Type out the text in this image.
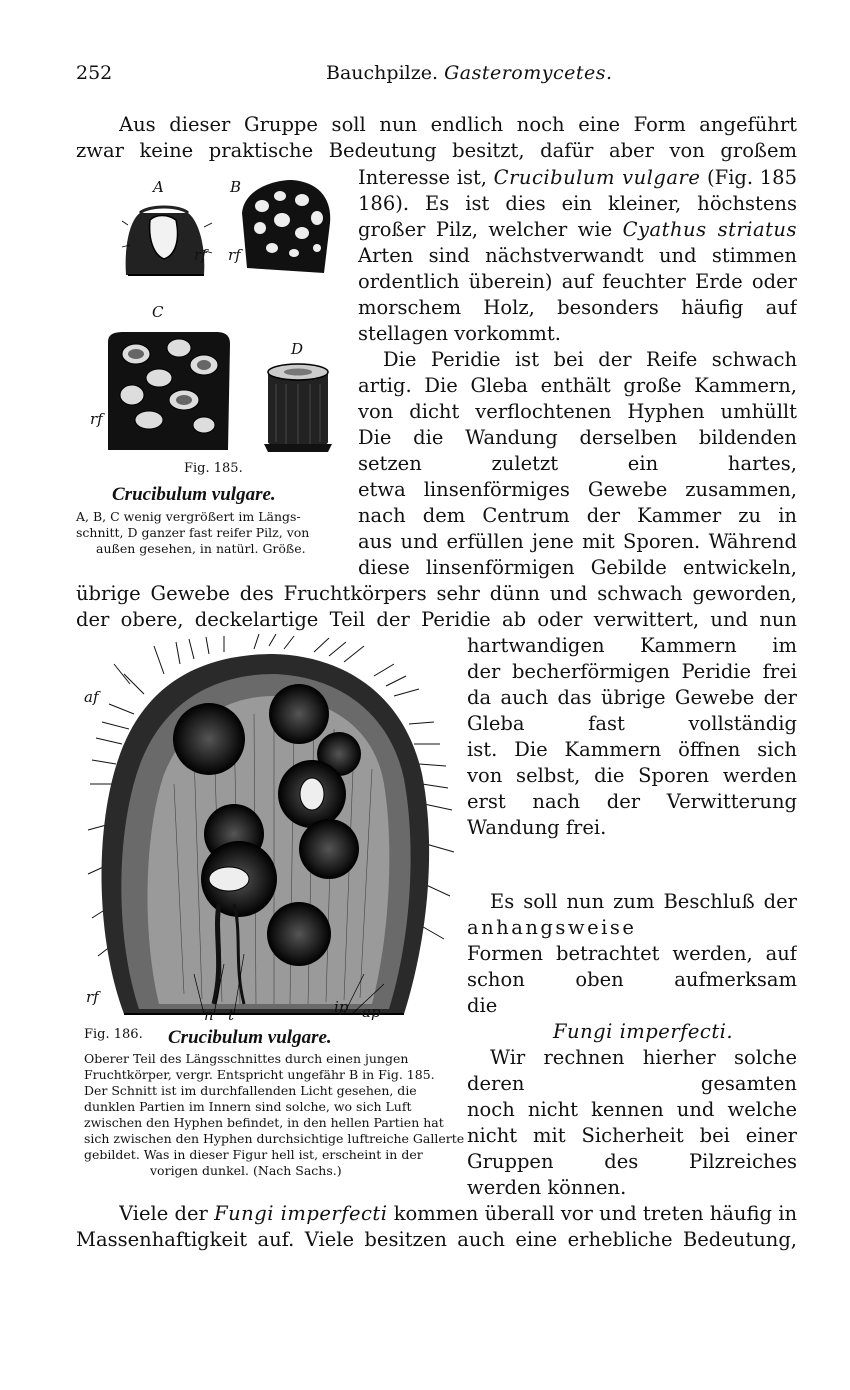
252	Bauchpilze. Gasteromycetes.
Aus dieser Gruppe soll nun endlich noch eine Form angeführt
zwar keine praktische Bedeutung besitzt, dafür aber von großem
Interesse ist, Crucibulum vulgare (Fig. 185
186). Es ist dies ein kleiner, höchstens
großer Pilz, welcher wie Cyathus striatus
Arten sind nächstverwandt und stimmen
ordentlich überein) auf feuchter Erde oder
morschem Holz, besonders häufig auf
stellagen vorkommt.
Die Peridie ist bei der Reife schwach
artig. Die Gleba enthält große Kammern,
von dicht verflochtenen Hyphen umhüllt
Die die Wandung derselben bildenden
setzen zuletzt ein hartes,
etwa linsenförmiges Gewebe zusammen,
nach dem Centrum der Kammer zu in
aus und erfüllen jene mit Sporen. Während
diese linsenförmigen Gebilde entwickeln,
übrige Gewebe des Fruchtkörpers sehr dünn und schwach geworden,
der obere, deckelartige Teil der Peridie ab oder verwittert, und nun
hartwandigen Kammern im
der becherförmigen Peridie frei
da auch das übrige Gewebe der
Gleba fast vollständig
ist. Die Kammern öffnen sich
von selbst, die Sporen werden
erst nach der Verwitterung
Wandung frei.
Es soll nun zum Beschluß der
anhangsweise
Formen betrachtet werden, auf
schon oben aufmerksam
die
Fungi imperfecti.
Wir rechnen hierher solche
deren gesamten
noch nicht kennen und welche
nicht mit Sicherheit bei einer
Gruppen des Pilzreiches
werden können.
Viele der Fungi imperfecti kommen überall vor und treten häufig in
Massenhaftigkeit auf. Viele besitzen auch eine erhebliche Bedeutung,
A
rf
B
rf
C
rf
D
Fig. 185.
Crucibulum vulgare.
A, B, C wenig vergrößert im Längs-
schnitt, D ganzer fast reifer Pilz, von
außen gesehen, in natürl. Größe.
af
rf
n t	ip ap
Fig. 186. Crucibulum vulgare.
Oberer Teil des Längsschnittes durch einen jungen
Fruchtkörper, vergr. Entspricht ungefähr B in Fig. 185.
Der Schnitt ist im durchfallenden Licht gesehen, die
dunklen Partien im Innern sind solche, wo sich Luft
zwischen den Hyphen befindet, in den hellen Partien hat
sich zwischen den Hyphen durchsichtige luftreiche Gallerte
gebildet. Was in dieser Figur hell ist, erscheint in der
vorigen dunkel. (Nach Sachs.)
